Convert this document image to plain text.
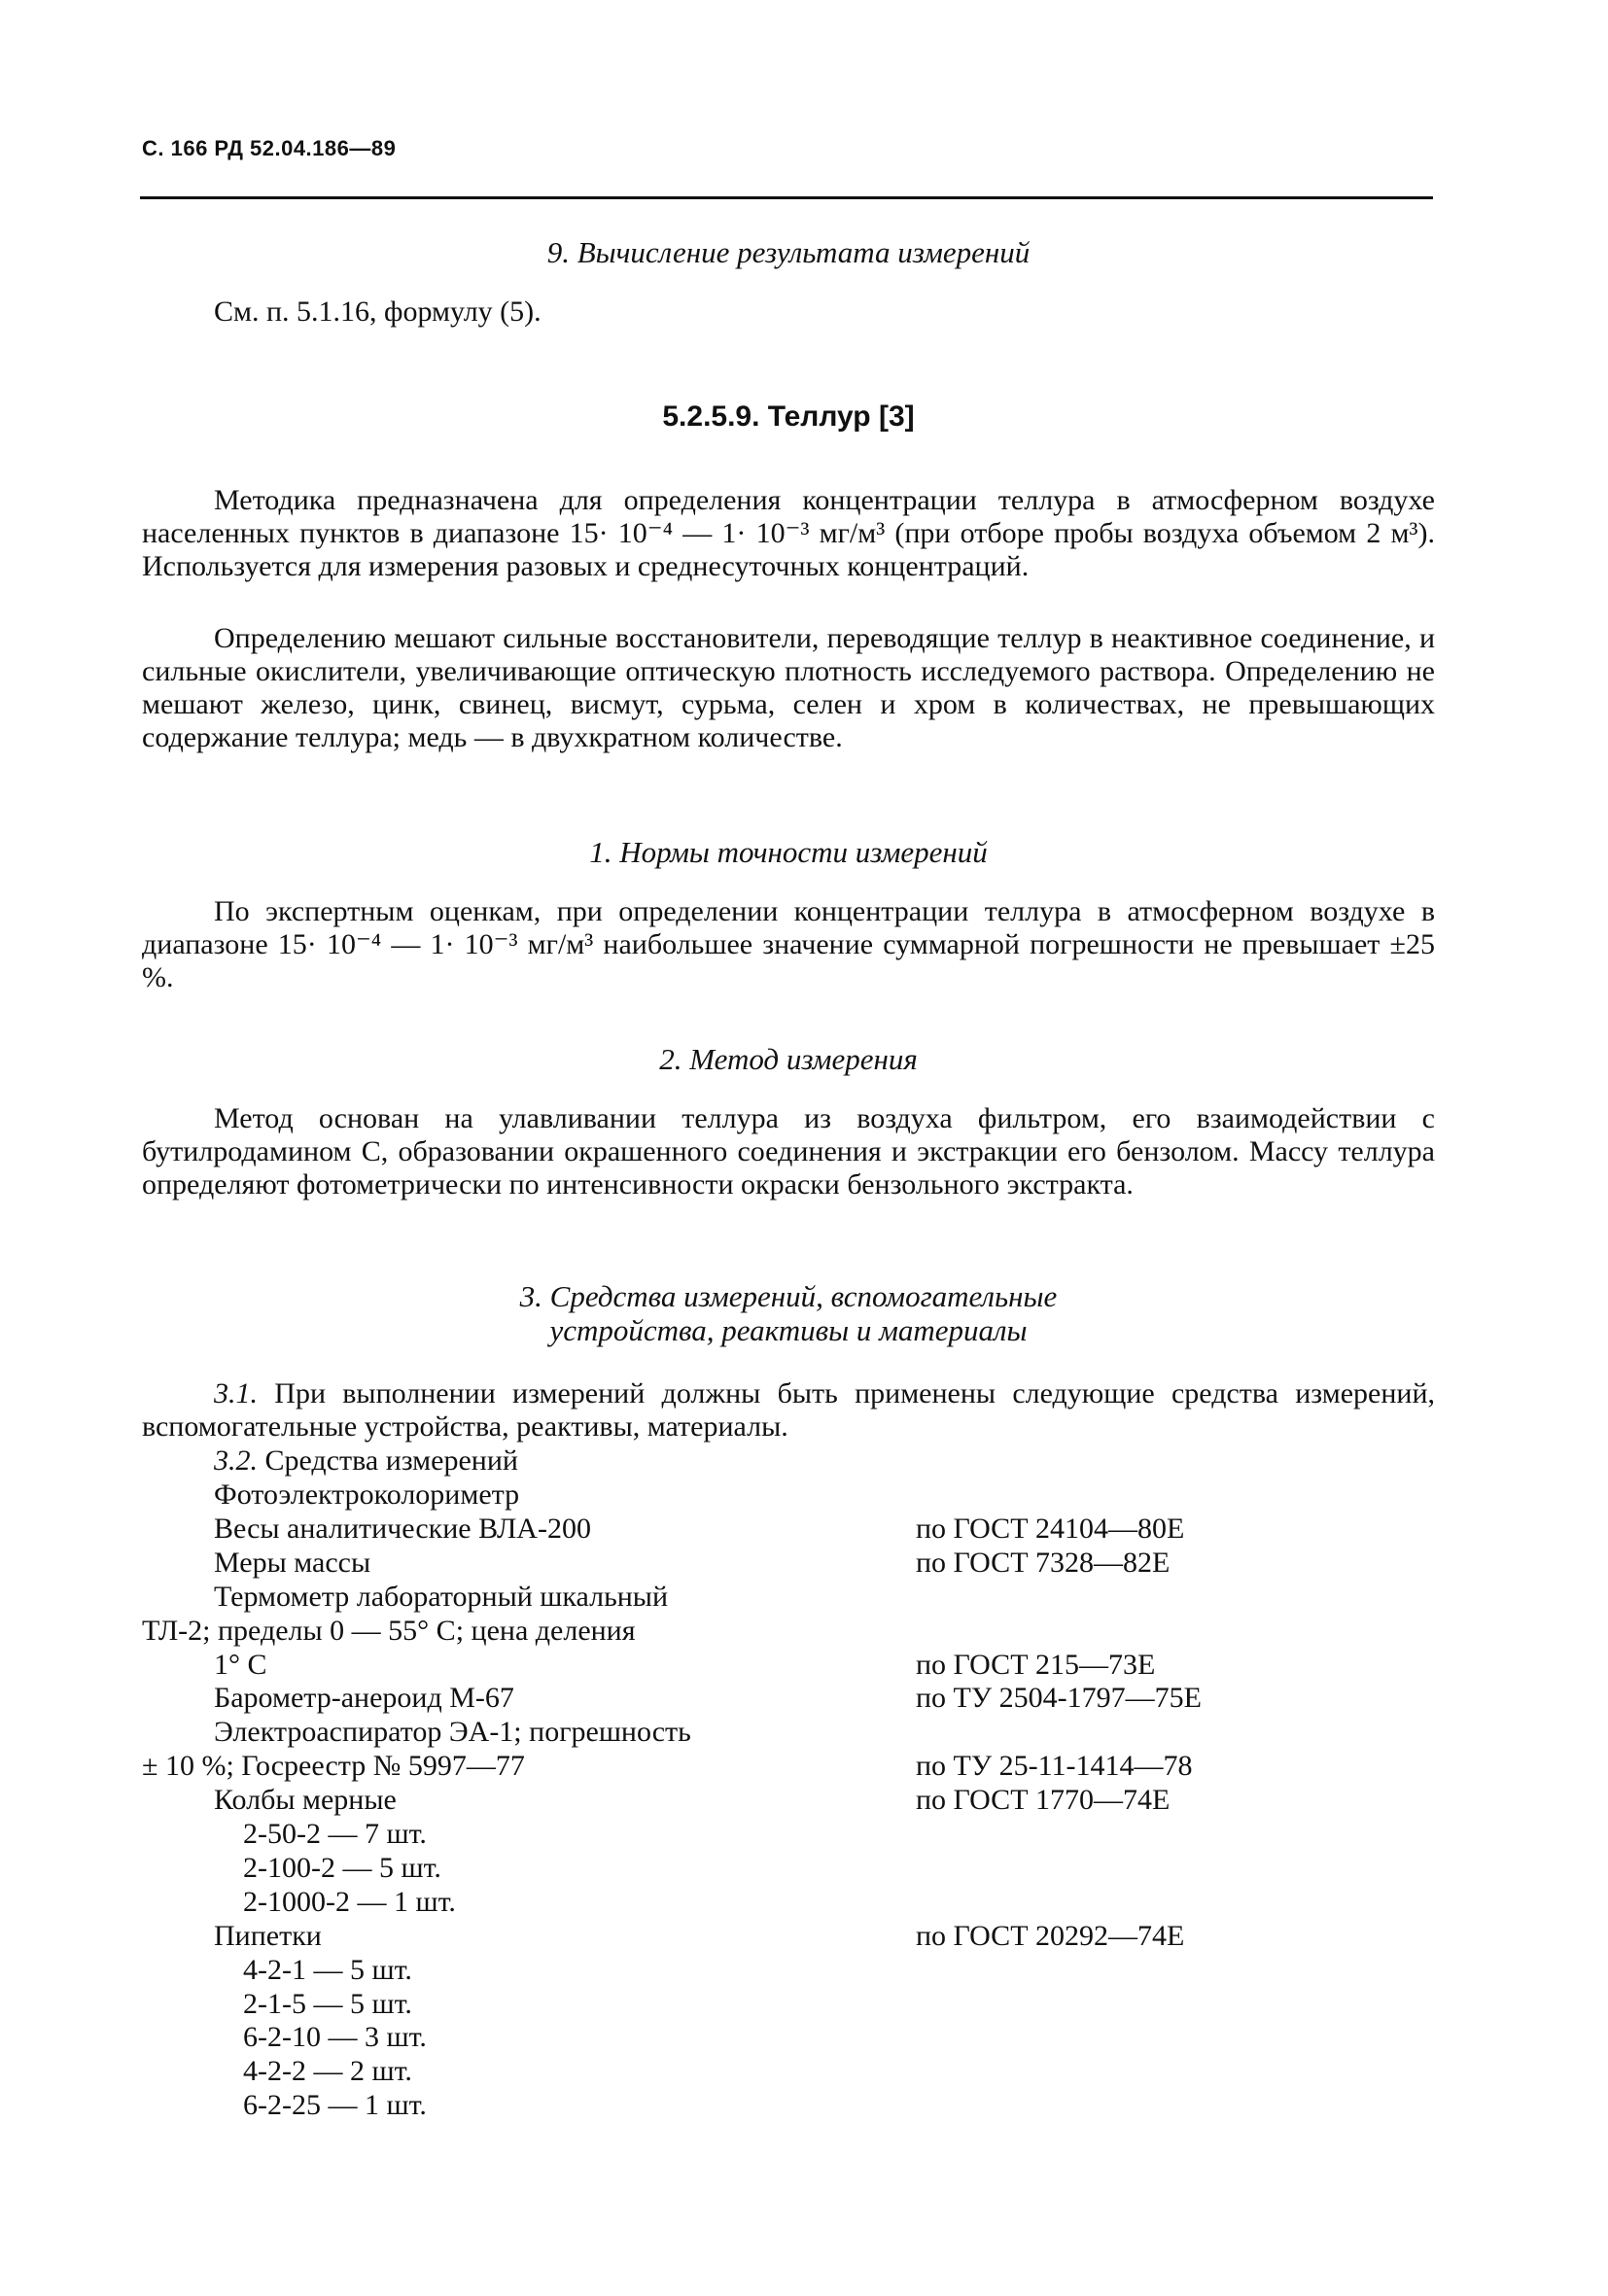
С. 166 РД 52.04.186—89
9. Вычисление результата измерений

См. п. 5.1.16, формулу (5).

5.2.5.9. Теллур [3]

Методика предназначена для определения концентрации теллура в атмосферном воздухе населенных пунктов в диапазоне 15· 10⁻⁴ — 1· 10⁻³ мг/м³ (при отборе пробы воздуха объемом 2 м³). Используется для измерения разовых и среднесуточных концентраций.

Определению мешают сильные восстановители, переводящие теллур в неактивное соединение, и сильные окислители, увеличивающие оптическую плотность исследуемого раствора. Определению не мешают железо, цинк, свинец, висмут, сурьма, селен и хром в количествах, не превышающих содержание теллура; медь — в двухкратном количестве.

1. Нормы точности измерений

По экспертным оценкам, при определении концентрации теллура в атмосферном воздухе в диапазоне 15· 10⁻⁴ — 1· 10⁻³ мг/м³ наибольшее значение суммарной погрешности не превышает ±25 %.

2. Метод измерения

Метод основан на улавливании теллура из воздуха фильтром, его взаимодействии с бутилродамином С, образовании окрашенного соединения и экстракции его бензолом. Массу теллура определяют фотометрически по интенсивности окраски бензольного экстракта.

3. Средства измерений, вспомогательные
устройства, реактивы и материалы

3.1. При выполнении измерений должны быть применены следующие средства измерений, вспомогательные устройства, реактивы, материалы.

3.2. Средства измерений

Фотоэлектроколориметр
Весы аналитические ВЛА-200	по ГОСТ 24104—80Е
Меры массы	по ГОСТ 7328—82Е
Термометр лабораторный шкальный
ТЛ-2; пределы 0 — 55° С; цена деления
1° С	по ГОСТ 215—73Е
Барометр-анероид М-67	по ТУ 2504-1797—75Е
Электроаспиратор ЭА-1; погрешность
± 10 %; Госреестр № 5997—77	по ТУ 25-11-1414—78
Колбы мерные	по ГОСТ 1770—74Е
2-50-2 — 7 шт.
2-100-2 — 5 шт.
2-1000-2 — 1 шт.
Пипетки	по ГОСТ 20292—74Е
4-2-1 — 5 шт.
2-1-5 — 5 шт.
6-2-10 — 3 шт.
4-2-2 — 2 шт.
6-2-25 — 1 шт.
